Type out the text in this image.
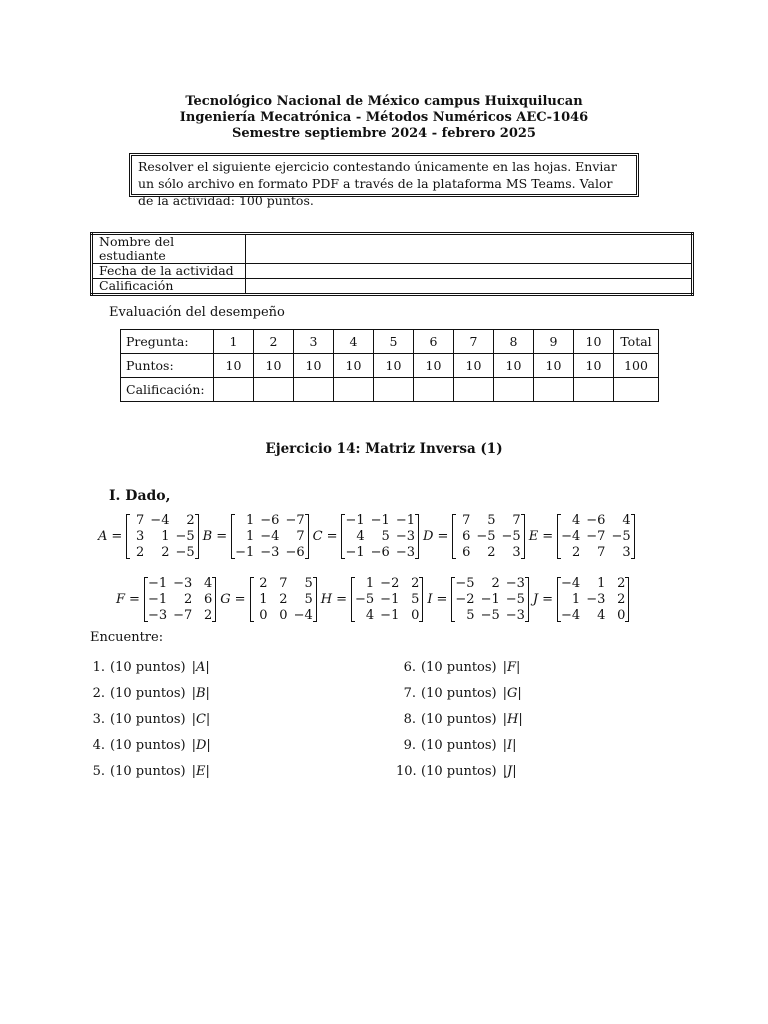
Tecnológico Nacional de México campus Huixquilucan
Ingeniería Mecatrónica - Métodos Numéricos AEC-1046
Semestre septiembre 2024 - febrero 2025
Resolver el siguiente ejercicio contestando únicamente en las hojas. Enviar un sólo archivo en formato PDF a través de la plataforma MS Teams. Valor de la actividad: 100 puntos.
Nombre del estudiante	
Fecha de la actividad	
Calificación	
Evaluación del desempeño
Pregunta:	1	2	3	4	5	6	7	8	9	10	Total
Puntos:	10	10	10	10	10	10	10	10	10	10	100
Calificación:											
Ejercicio 14: Matriz Inversa (1)
I. Dado,
A =
7 −4	2
3	1 −5
2	2 −5
B =
1 −6 −7
1 −4	7
−1 −3 −6
C =
−1 −1 −1
4	5 −3
−1 −6 −3
D =
7	5	7
6 −5 −5
6	2	3
E =
4 −6	4
−4 −7 −5
2	7	3
F =
−1 −3 4
−1	2 6
−3 −7 2
G =
2 7	5
1 2	5
0 0 −4
H =
1 −2 2
−5 −1 5
4 −1 0
I =
−5	2 −3
−2 −1 −5
5 −5 −3
J =
−4	1 2
1 −3 2
−4	4 0
Encuentre:
1. (10 puntos) |A|
2. (10 puntos) |B|
3. (10 puntos) |C|
4. (10 puntos) |D|
5. (10 puntos) |E|
6. (10 puntos) |F|
7. (10 puntos) |G|
8. (10 puntos) |H|
9. (10 puntos) |I|
10. (10 puntos) |J|
